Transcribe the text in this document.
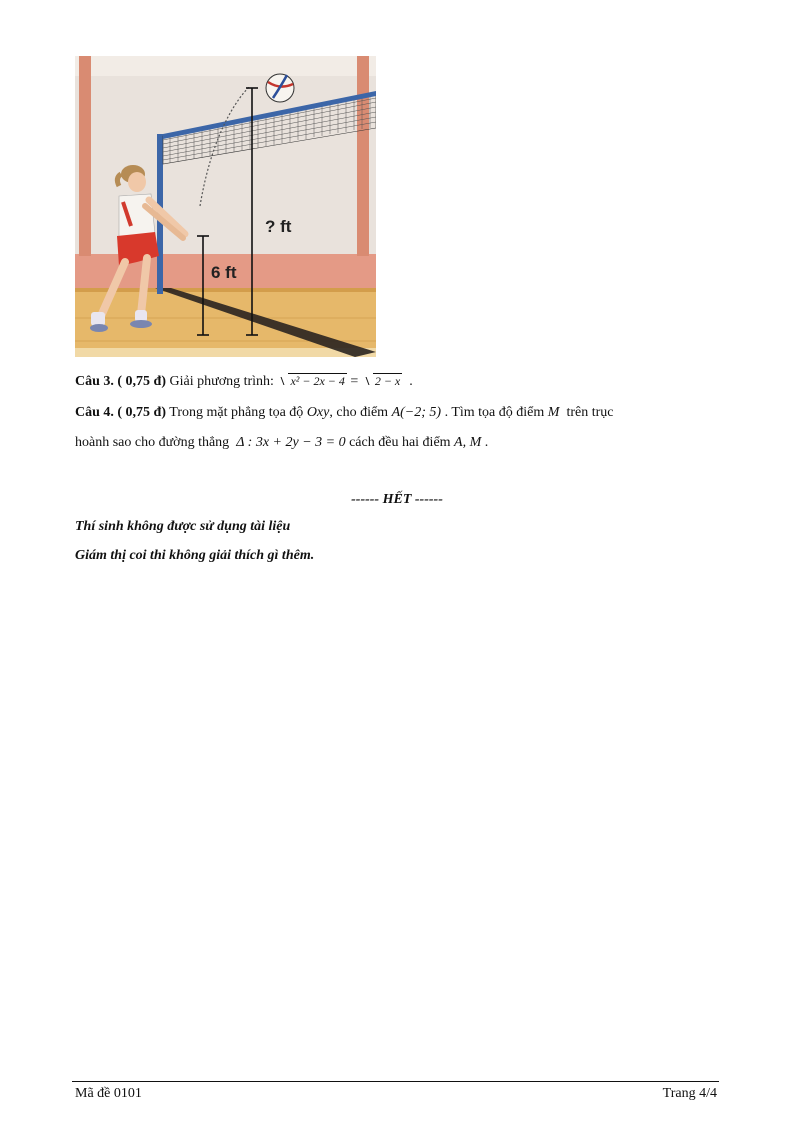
? ft
6 ft
Câu 3. ( 0,75 đ) Giải phương trình: x² − 2x − 4 = 2 − x .
Câu 4. ( 0,75 đ) Trong mặt phẳng tọa độ Oxy, cho điểm A(−2; 5) . Tìm tọa độ điểm M trên trục
hoành sao cho đường thẳng Δ : 3x + 2y − 3 = 0 cách đều hai điểm A, M .
------ HẾT ------
Thí sinh không được sử dụng tài liệu
Giám thị coi thi không giải thích gì thêm.
Mã đề 0101	Trang 4/4
